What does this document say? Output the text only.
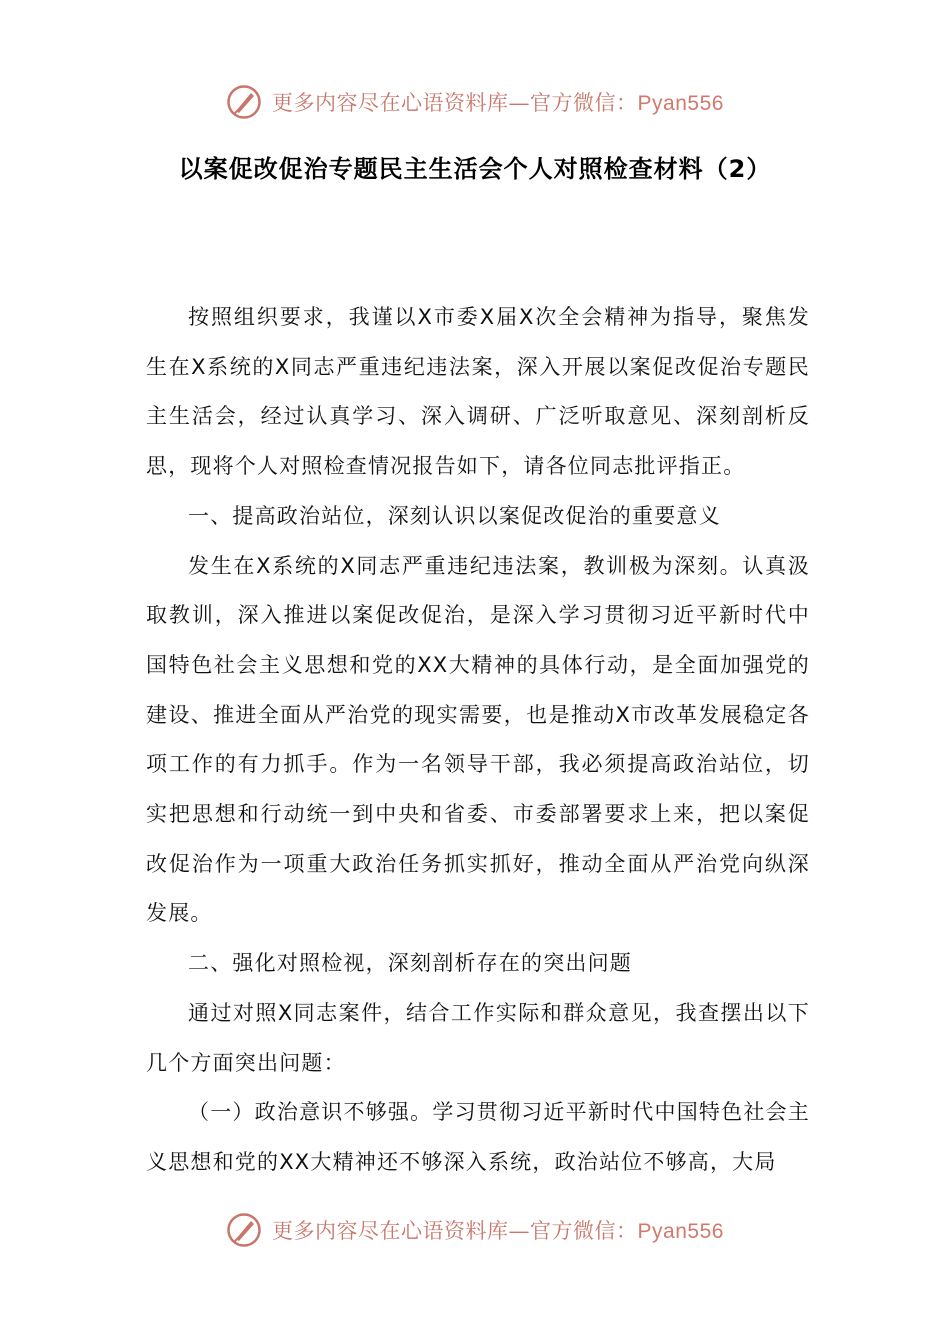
更多内容尽在心语资料库—官方微信：Pyan556
以案促改促治专题民主生活会个人对照检查材料（2）

按照组织要求，我谨以X市委X届X次全会精神为指导，聚焦发生在X系统的X同志严重违纪违法案，深入开展以案促改促治专题民主生活会，经过认真学习、深入调研、广泛听取意见、深刻剖析反思，现将个人对照检查情况报告如下，请各位同志批评指正。

一、提高政治站位，深刻认识以案促改促治的重要意义

发生在X系统的X同志严重违纪违法案，教训极为深刻。认真汲取教训，深入推进以案促改促治，是深入学习贯彻习近平新时代中国特色社会主义思想和党的XX大精神的具体行动，是全面加强党的建设、推进全面从严治党的现实需要，也是推动X市改革发展稳定各项工作的有力抓手。作为一名领导干部，我必须提高政治站位，切实把思想和行动统一到中央和省委、市委部署要求上来，把以案促改促治作为一项重大政治任务抓实抓好，推动全面从严治党向纵深发展。

二、强化对照检视，深刻剖析存在的突出问题

通过对照X同志案件，结合工作实际和群众意见，我查摆出以下几个方面突出问题：

（一）政治意识不够强。学习贯彻习近平新时代中国特色社会主义思想和党的XX大精神还不够深入系统，政治站位不够高，大局

更多内容尽在心语资料库—官方微信：Pyan556
